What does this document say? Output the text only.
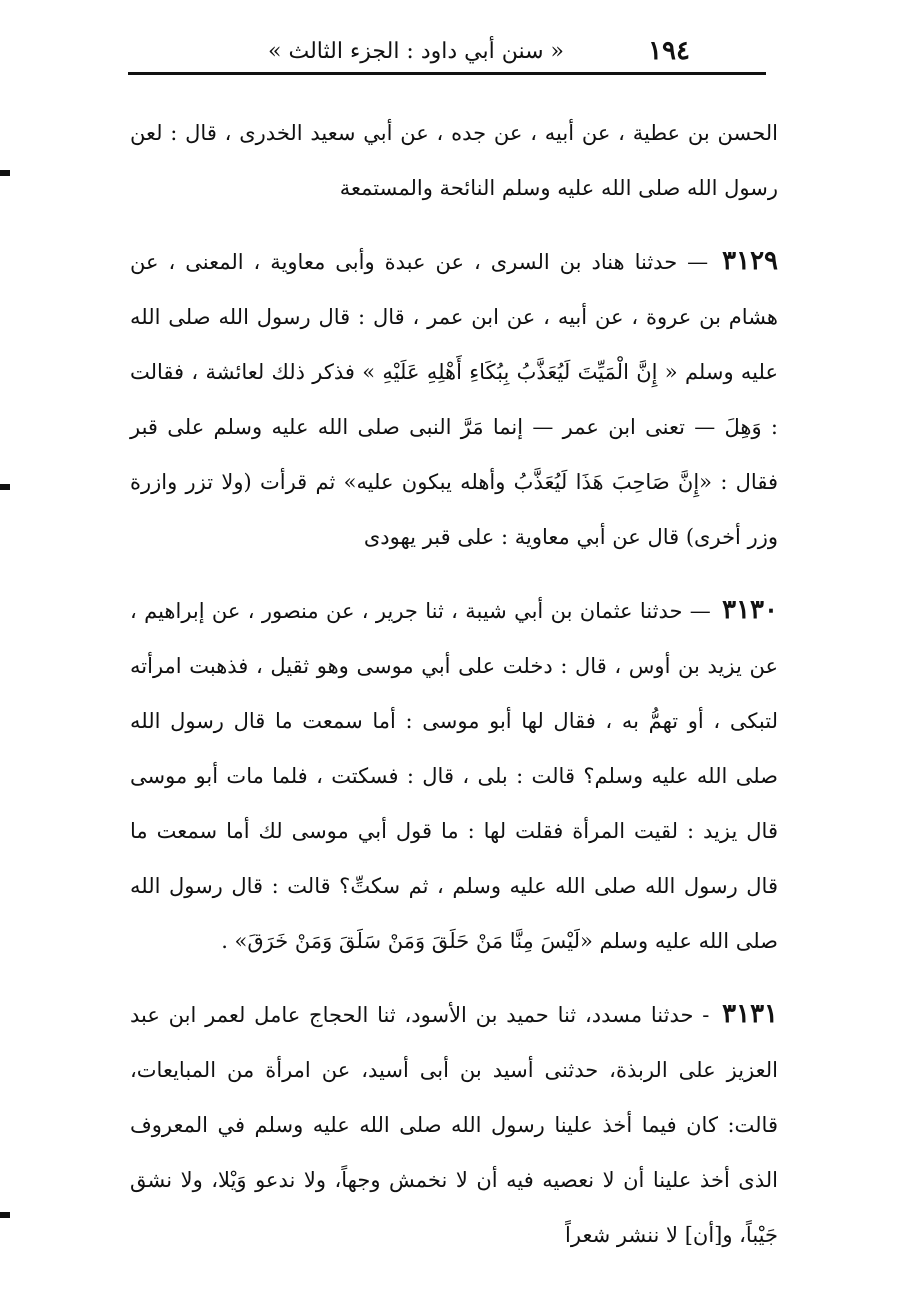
١٩٤
« سنن أبي داود : الجزء الثالث »

الحسن بن عطية ، عن أبيه ، عن جده ، عن أبي سعيد الخدرى ، قال : لعن رسول الله صلى الله عليه وسلم النائحة والمستمعة

٣١٢٩ — حدثنا هناد بن السرى ، عن عبدة وأبى معاوية ، المعنى ، عن هشام بن عروة ، عن أبيه ، عن ابن عمر ، قال : قال رسول الله صلى الله عليه وسلم « إِنَّ الْمَيِّتَ لَيُعَذَّبُ بِبُكَاءِ أَهْلِهِ عَلَيْهِ » فذكر ذلك لعائشة ، فقالت : وَهِلَ — تعنى ابن عمر — إنما مَرَّ النبى صلى الله عليه وسلم على قبر فقال : «إِنَّ صَاحِبَ هَذَا لَيُعَذَّبُ وأهله يبكون عليه» ثم قرأت (ولا تزر وازرة وزر أخرى) قال عن أبي معاوية : على قبر يهودى

٣١٣٠ — حدثنا عثمان بن أبي شيبة ، ثنا جرير ، عن منصور ، عن إبراهيم ، عن يزيد بن أوس ، قال : دخلت على أبي موسى وهو ثقيل ، فذهبت امرأته لتبكى ، أو تهمُّ به ، فقال لها أبو موسى : أما سمعت ما قال رسول الله صلى الله عليه وسلم؟ قالت : بلى ، قال : فسكتت ، فلما مات أبو موسى قال يزيد : لقيت المرأة فقلت لها : ما قول أبي موسى لك أما سمعت ما قال رسول الله صلى الله عليه وسلم ، ثم سكتِّ؟ قالت : قال رسول الله صلى الله عليه وسلم «لَيْسَ مِنَّا مَنْ حَلَقَ وَمَنْ سَلَقَ وَمَنْ خَرَقَ» .

٣١٣١ - حدثنا مسدد، ثنا حميد بن الأسود، ثنا الحجاج عامل لعمر ابن عبد العزيز على الربذة، حدثنى أسيد بن أبى أسيد، عن امرأة من المبايعات، قالت: كان فيما أخذ علينا رسول الله صلى الله عليه وسلم في المعروف الذى أخذ علينا أن لا نعصيه فيه أن لا نخمش وجهاً، ولا ندعو وَيْلا، ولا نشق جَيْباً، و[أن] لا ننشر شعراً
